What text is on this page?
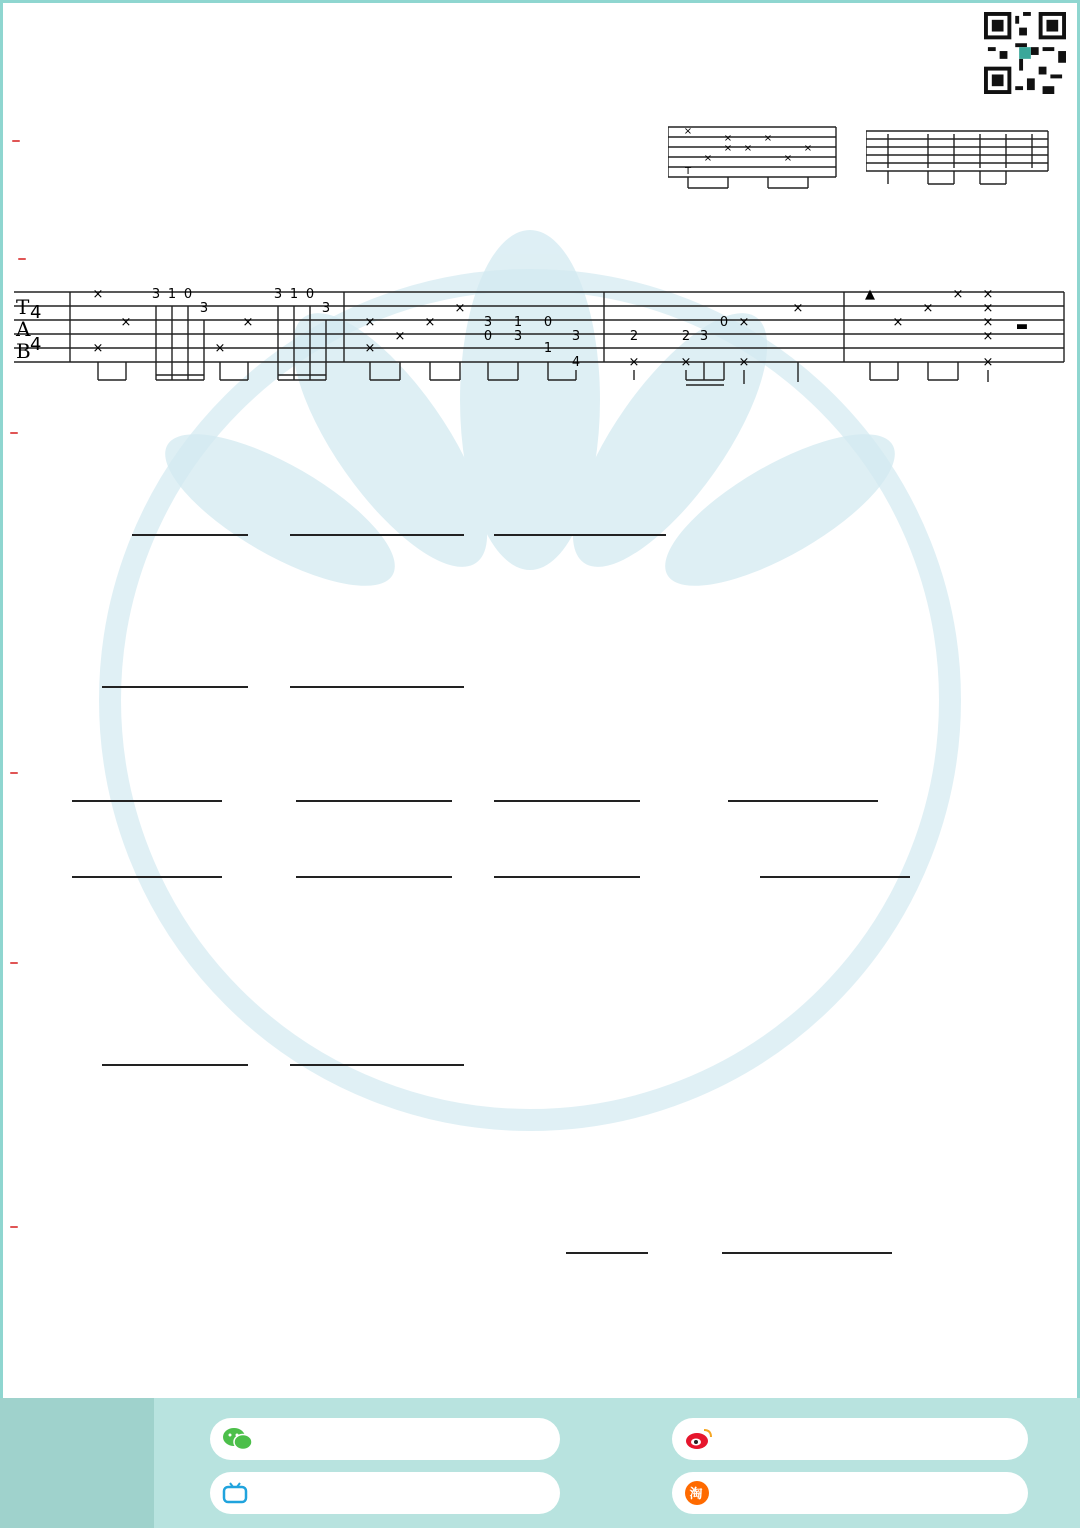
T
×
×
×
×
×
×
×
×
T
A
B
4
4
×
×
×
3 1 0
3
×
×
3 1 0
3
×
×
×
×
×
3
0
1
3
0
1
3
4
2
×
2 3
×
0 ×
×
×
▲
×
×
× ×
×
×
×
×
▬
淘
